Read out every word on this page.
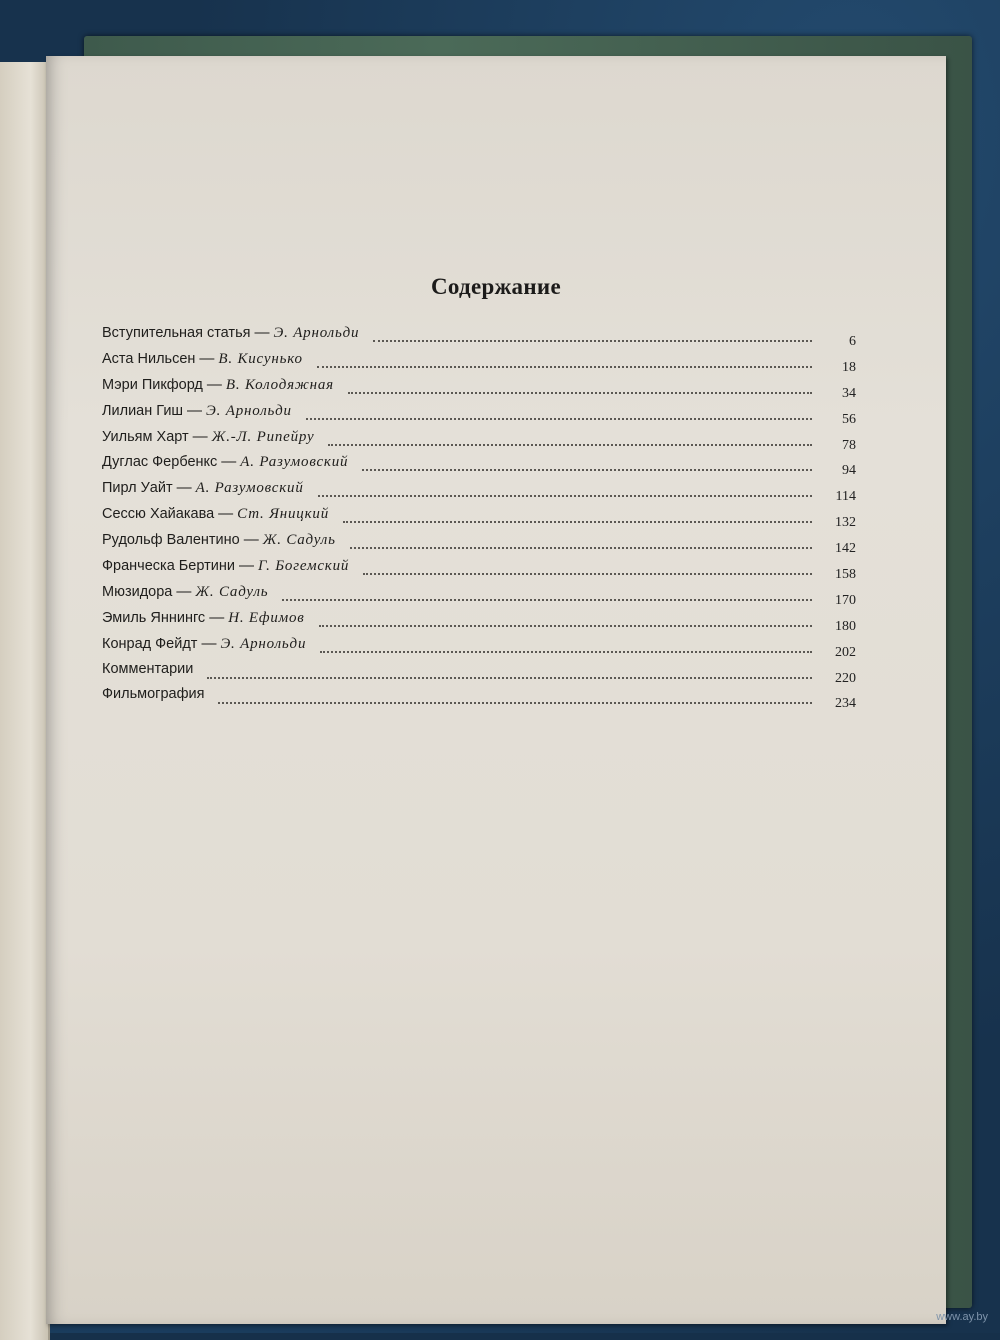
Содержание
Вступительная статья — Э. Арнольди
6
Аста Нильсен — В. Кисунько
18
Мэри Пикфорд — В. Колодяжная
34
Лилиан Гиш — Э. Арнольди
56
Уильям Харт — Ж.-Л. Рипейру
78
Дуглас Фербенкс — А. Разумовский
94
Пирл Уайт — А. Разумовский
114
Сессю Хайакава — Ст. Яницкий
132
Рудольф Валентино — Ж. Садуль
142
Франческа Бертини — Г. Богемский
158
Мюзидора — Ж. Садуль
170
Эмиль Яннингс — Н. Ефимов
180
Конрад Фейдт — Э. Арнольди
202
Комментарии
220
Фильмография
234
www.ay.by
